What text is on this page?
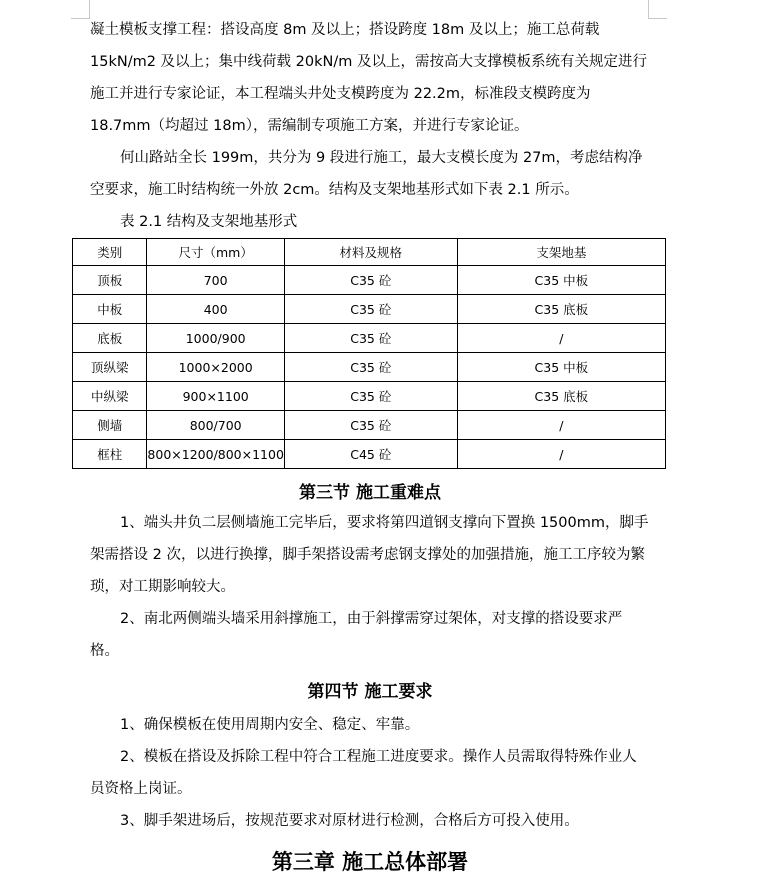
凝土模板支撑工程：搭设高度 8m 及以上；搭设跨度 18m 及以上；施工总荷载 15kN/m2 及以上；集中线荷载 20kN/m 及以上，需按高大支撑模板系统有关规定进行施工并进行专家论证，本工程端头井处支模跨度为 22.2m，标准段支模跨度为 18.7mm（均超过 18m），需编制专项施工方案，并进行专家论证。

何山路站全长 199m，共分为 9 段进行施工，最大支模长度为 27m，考虑结构净空要求，施工时结构统一外放 2cm。结构及支架地基形式如下表 2.1 所示。

表 2.1 结构及支架地基形式

类别	尺寸（mm）	材料及规格	支架地基
顶板	700	C35 砼	C35 中板
中板	400	C35 砼	C35 底板
底板	1000/900	C35 砼	/
顶纵梁	1000×2000	C35 砼	C35 中板
中纵梁	900×1100	C35 砼	C35 底板
侧墙	800/700	C35 砼	/
框柱	800×1200/800×1100	C45 砼	/

第三节 施工重难点

1、端头井负二层侧墙施工完毕后，要求将第四道钢支撑向下置换 1500mm，脚手架需搭设 2 次，以进行换撑，脚手架搭设需考虑钢支撑处的加强措施，施工工序较为繁琐，对工期影响较大。

2、南北两侧端头墙采用斜撑施工，由于斜撑需穿过架体，对支撑的搭设要求严格。

第四节 施工要求

1、确保模板在使用周期内安全、稳定、牢靠。

2、模板在搭设及拆除工程中符合工程施工进度要求。操作人员需取得特殊作业人员资格上岗证。

3、脚手架进场后，按规范要求对原材进行检测，合格后方可投入使用。

第三章 施工总体部署
